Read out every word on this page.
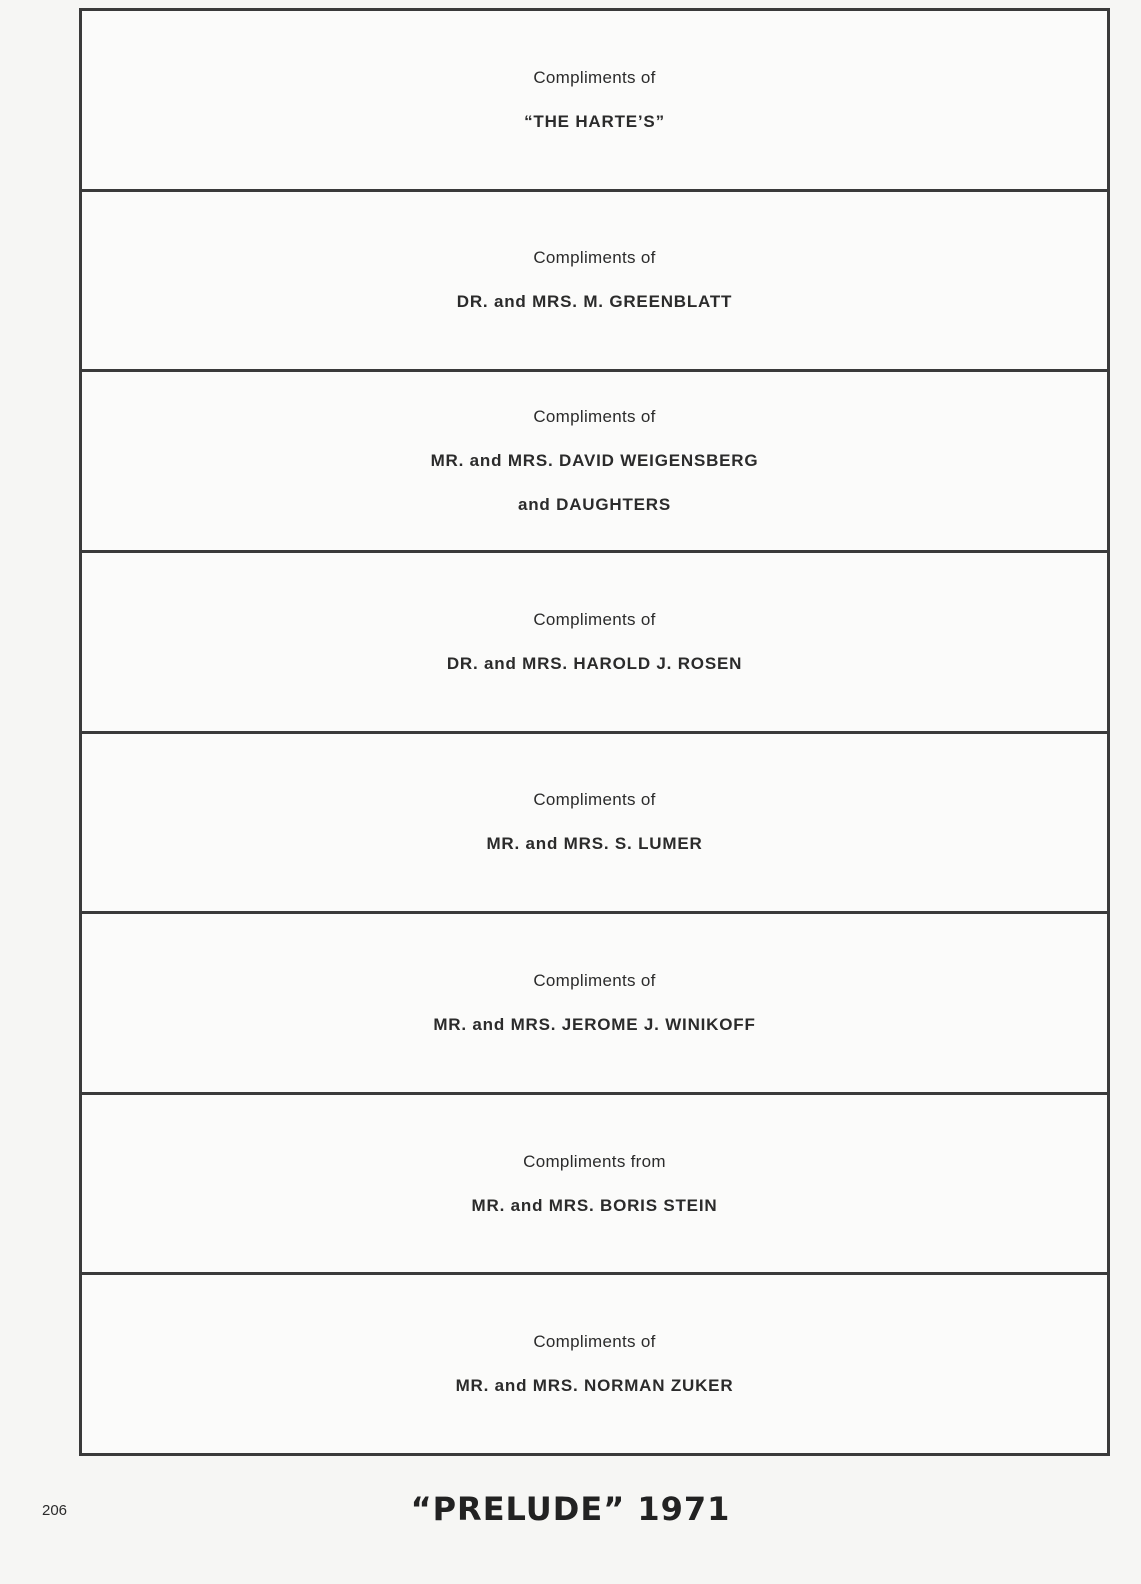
Compliments of
“THE HARTE’S”
Compliments of
DR. and MRS. M. GREENBLATT
Compliments of
MR. and MRS. DAVID WEIGENSBERG
and DAUGHTERS
Compliments of
DR. and MRS. HAROLD J. ROSEN
Compliments of
MR. and MRS. S. LUMER
Compliments of
MR. and MRS. JEROME J. WINIKOFF
Compliments from
MR. and MRS. BORIS STEIN
Compliments of
MR. and MRS. NORMAN ZUKER
206	“PRELUDE” 1971
